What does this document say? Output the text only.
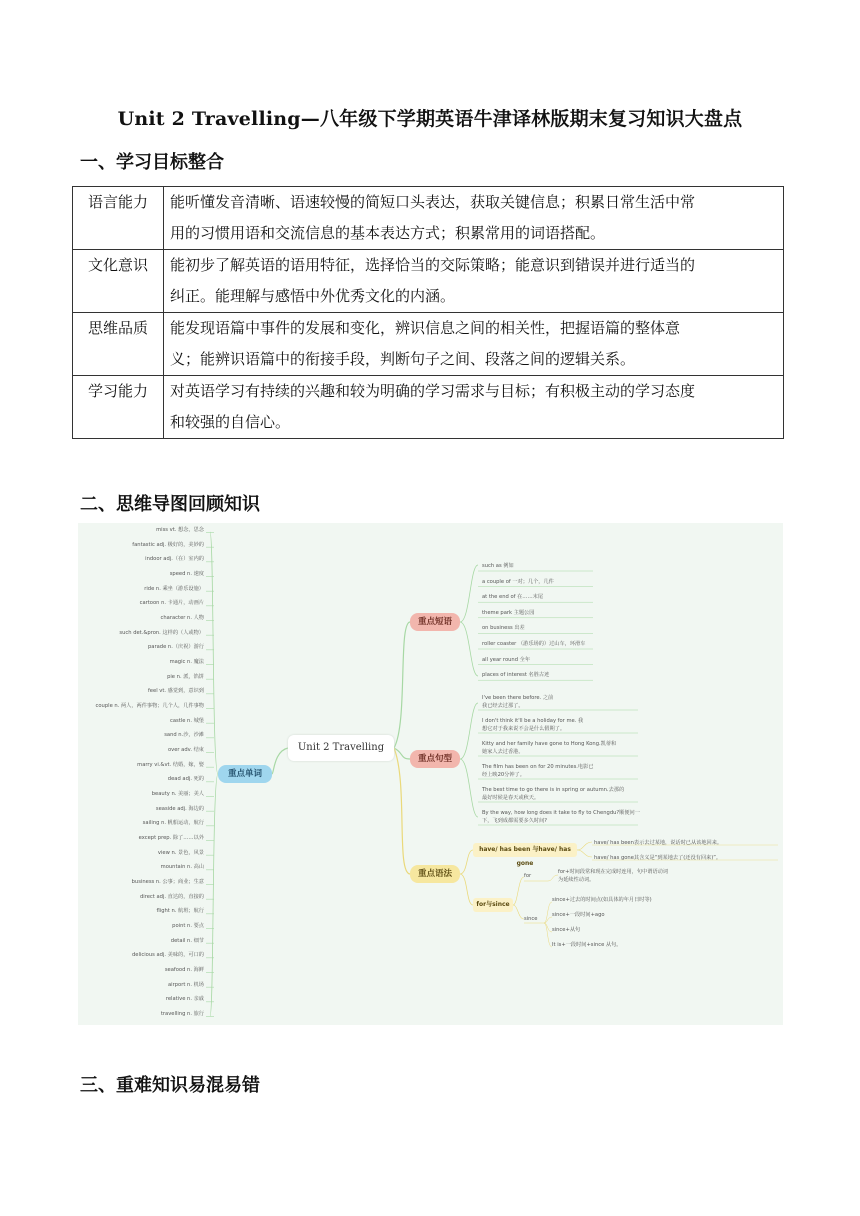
Unit 2 Travelling—八年级下学期英语牛津译林版期末复习知识大盘点
一、学习目标整合
语言能力	能听懂发音清晰、语速较慢的简短口头表达，获取关键信息；积累日常生活中常
用的习惯用语和交流信息的基本表达方式；积累常用的词语搭配。
文化意识	能初步了解英语的语用特征，选择恰当的交际策略；能意识到错误并进行适当的
纠正。能理解与感悟中外优秀文化的内涵。
思维品质	能发现语篇中事件的发展和变化，辨识信息之间的相关性，把握语篇的整体意
义；能辨识语篇中的衔接手段，判断句子之间、段落之间的逻辑关系。
学习能力	对英语学习有持续的兴趣和较为明确的学习需求与目标；有积极主动的学习态度
和较强的自信心。
二、思维导图回顾知识
Unit 2 Travelling
重点单词
重点短语
重点句型
重点语法
have/ has been 与have/ has gone
for与since
miss vt. 想念，思念
fantastic adj. 极好的，美妙的
indoor adj.（在）室内的
speed n. 速度
ride n. 乘坐（游乐设施）
cartoon n. 卡通片，动画片
character n. 人物
such det.&pron. 这样的（人或物）
parade n.（庆祝）游行
magic n. 魔法
pie n. 派，馅饼
feel vt. 感觉到，意识到
couple n. 两人，两件事物；几个人，几件事物
castle n. 城堡
sand n.沙，沙滩
over adv. 结束
marry vi.&vt. 结婚，嫁，娶
dead adj. 死的
beauty n. 美丽；美人
seaside adj. 海边的
sailing n. 帆船运动，航行
except prep. 除了……以外
view n. 景色，风景
mountain n. 高山
business n. 公事；商业；生意
direct adj. 直达的，直接的
flight n. 航班；航行
point n. 要点
detail n. 细节
delicious adj. 美味的，可口的
seafood n. 海鲜
airport n. 机场
relative n. 亲戚
travelling n. 旅行
such as 例如
a couple of 一对；几个，几件
at the end of 在……末尾
theme park 主题公园
on business 出差
roller coaster （游乐场的）过山车，环滑车
all year round 全年
places of interest 名胜古迹
I've been there before. 之前
我已经去过那了。
I don't think it'll be a holiday for me. 我
想它对于我来说不会是什么假期了。
Kitty and her family have gone to Hong Kong.凯蒂和
她家人去过香港。
The film has been on for 20 minutes.电影已
经上映20分钟了。
The best time to go there is in spring or autumn.去那的
最好时候是春天或秋天。
By the way, how long does it take to fly to Chengdu?顺便问一
下，飞到成都需要多久时间?
have/ has been表示去过某地，说话时已从该地回来。
have/ has gone其含义是“到某地去了(还没有回来)”。
for
for+时间段常和现在完成时连用，句中谓语动词
为延续性动词。
since
since+过去的时间点(如具体的年月日时等)
since+一段时间+ago
since+从句
It is+一段时间+since 从句。
三、重难知识易混易错
